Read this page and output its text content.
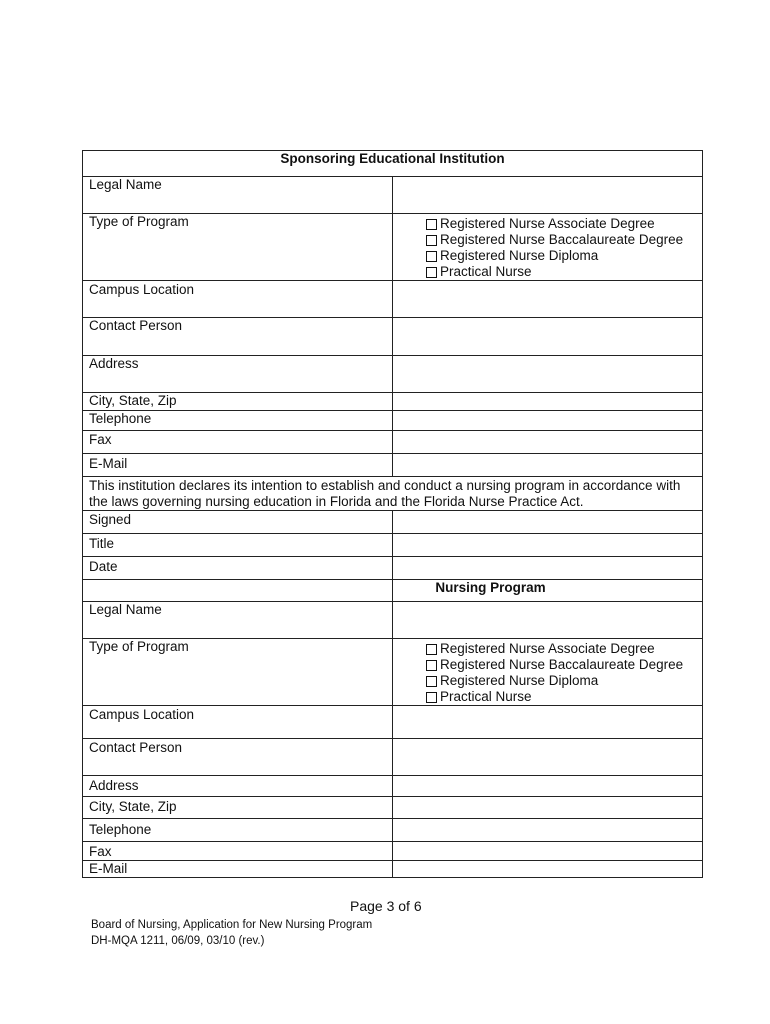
Sponsoring Educational Institution	
Legal Name	
Type of Program	Registered Nurse Associate Degree
Registered Nurse Baccalaureate Degree
Registered Nurse Diploma
Practical Nurse

Campus Location	
Contact Person	
Address	
City, State, Zip	
Telephone	
Fax	
E-Mail	
This institution declares its intention to establish and conduct a nursing program in accordance with the laws governing nursing education in Florida and the Florida Nurse Practice Act.	
Signed	
Title	
Date	
	Nursing Program
Legal Name	
Type of Program	Registered Nurse Associate Degree
Registered Nurse Baccalaureate Degree
Registered Nurse Diploma
Practical Nurse

Campus Location	
Contact Person	
Address	
City, State, Zip	
Telephone	
Fax	
E-Mail	
Page 3 of 6
Board of Nursing, Application for New Nursing Program
DH-MQA 1211, 06/09, 03/10 (rev.)
